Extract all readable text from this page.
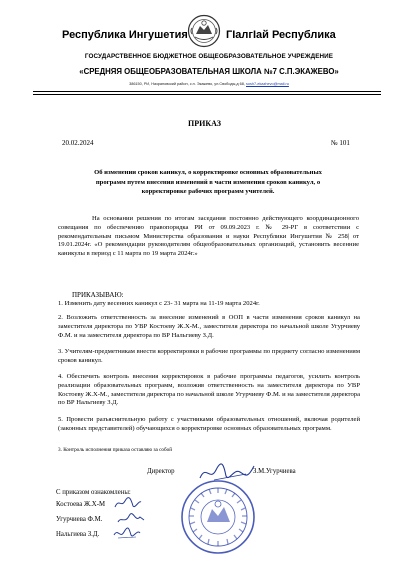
Республика Ингушетия	ГIалгIай Республика
ГОСУДАРСТВЕННОЕ БЮДЖЕТНОЕ ОБЩЕОБРАЗОВАТЕЛЬНОЕ УЧРЕЖДЕНИЕ
«СРЕДНЯЯ ОБЩЕОБРАЗОВАТЕЛЬНАЯ ШКОЛА №7 С.П.ЭКАЖЕВО»
386150, РИ, Назрановский район, с.п. Экажево, ул.Свободы,д 68, sosh7-ekazhevo@mail.ru
ПРИКАЗ
20.02.2024	№ 101
Об изменении сроков каникул, о корректировке основных образовательных
программ путем внесения изменений в части изменения сроков каникул, о
корректировке рабочих программ учителей.
На основании решения по итогам заседания постоянно действующего координационного совещания по обеспечению правопорядка РИ от 09.09.2023 г. № 29-РГ в соответствии с рекомендательным письмом Министерства образования и науки Республики Ингушетия № 258| от 19.01.2024г. «О рекомендации руководителям общеобразовательных организаций, установить весенние каникулы в период с 11 марта по 19 марта 2024г.»
ПРИКАЗЫВАЮ:
1. Изменить дату весенних каникул с 23- 31 марта на 11-19 марта 2024г.
2. Возложить ответственность за внесение изменений в ООП в части изменения сроков каникул на заместителя директора по УВР Костоеву Ж.Х-М., заместителя директора по начальной школе Угурчиеву Ф.М. и на заместителя директора по ВР Нальгиеву З.Д.
3. Учителям-предметникам внести корректировки в рабочие программы по предмету согласно изменениям сроков каникул.
4. Обеспечить контроль внесения корректировок в рабочие программы педагогов, усилить контроль реализации образовательных программ, возложив ответственность на заместителя директора по УВР Костоеву Ж.Х-М., заместителя директора по начальной школе Угурчиеву Ф.М. и на заместителя директора по ВР Нальгиеву З.Д.
5. Провести разъяснительную работу с участниками образовательных отношений, включая родителей (законных представителей) обучающихся о корректировке основных образовательных программ.
3. Контроль исполнения приказа оставляю за собой
Директор	З.М.Угурчиева
С приказом ознакомлены:
Костоева Ж.Х-М
Угурчиева Ф.М.
Нальгиева З.Д.
